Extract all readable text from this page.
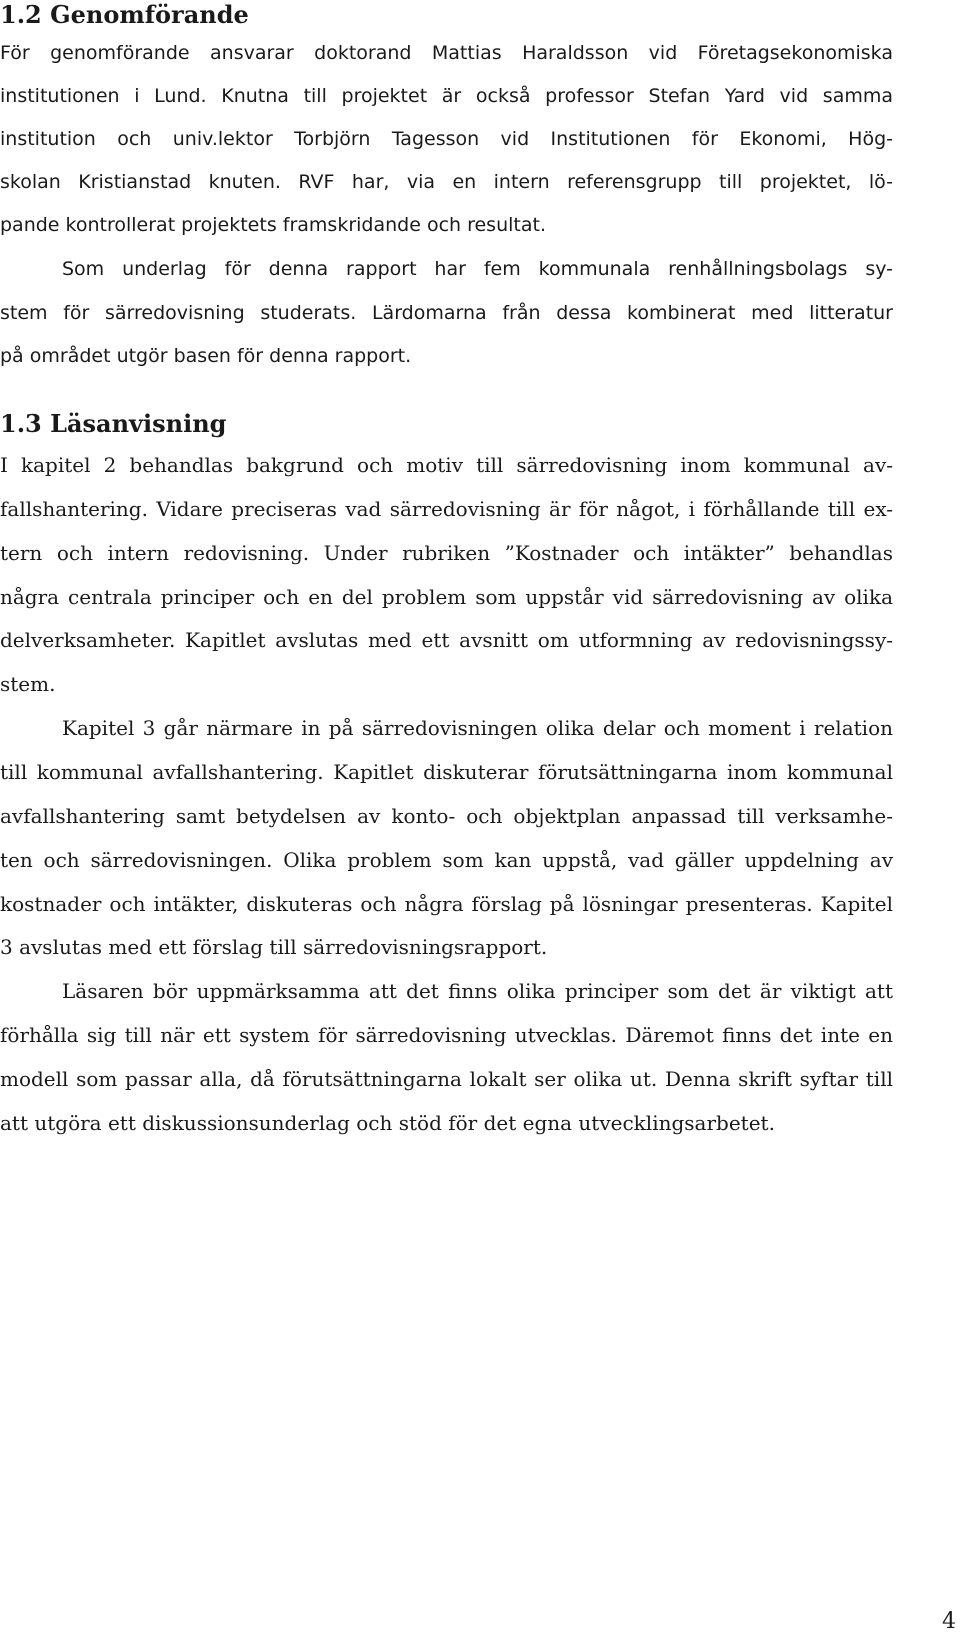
1.2 Genomförande
För genomförande ansvarar doktorand Mattias Haraldsson vid Företagsekonomiska
institutionen i Lund. Knutna till projektet är också professor Stefan Yard vid samma
institution och univ.lektor Torbjörn Tagesson vid Institutionen för Ekonomi, Hög-
skolan Kristianstad knuten. RVF har, via en intern referensgrupp till projektet, lö-
pande kontrollerat projektets framskridande och resultat.
Som underlag för denna rapport har fem kommunala renhållningsbolags sy-
stem för särredovisning studerats. Lärdomarna från dessa kombinerat med litteratur
på området utgör basen för denna rapport.
1.3 Läsanvisning
I kapitel 2 behandlas bakgrund och motiv till särredovisning inom kommunal av-
fallshantering. Vidare preciseras vad särredovisning är för något, i förhållande till ex-
tern och intern redovisning. Under rubriken ”Kostnader och intäkter” behandlas
några centrala principer och en del problem som uppstår vid särredovisning av olika
delverksamheter. Kapitlet avslutas med ett avsnitt om utformning av redovisningssy-
stem.
Kapitel 3 går närmare in på särredovisningen olika delar och moment i relation
till kommunal avfallshantering. Kapitlet diskuterar förutsättningarna inom kommunal
avfallshantering samt betydelsen av konto- och objektplan anpassad till verksamhe-
ten och särredovisningen. Olika problem som kan uppstå, vad gäller uppdelning av
kostnader och intäkter, diskuteras och några förslag på lösningar presenteras. Kapitel
3 avslutas med ett förslag till särredovisningsrapport.
Läsaren bör uppmärksamma att det finns olika principer som det är viktigt att
förhålla sig till när ett system för särredovisning utvecklas. Däremot finns det inte en
modell som passar alla, då förutsättningarna lokalt ser olika ut. Denna skrift syftar till
att utgöra ett diskussionsunderlag och stöd för det egna utvecklingsarbetet.
4
